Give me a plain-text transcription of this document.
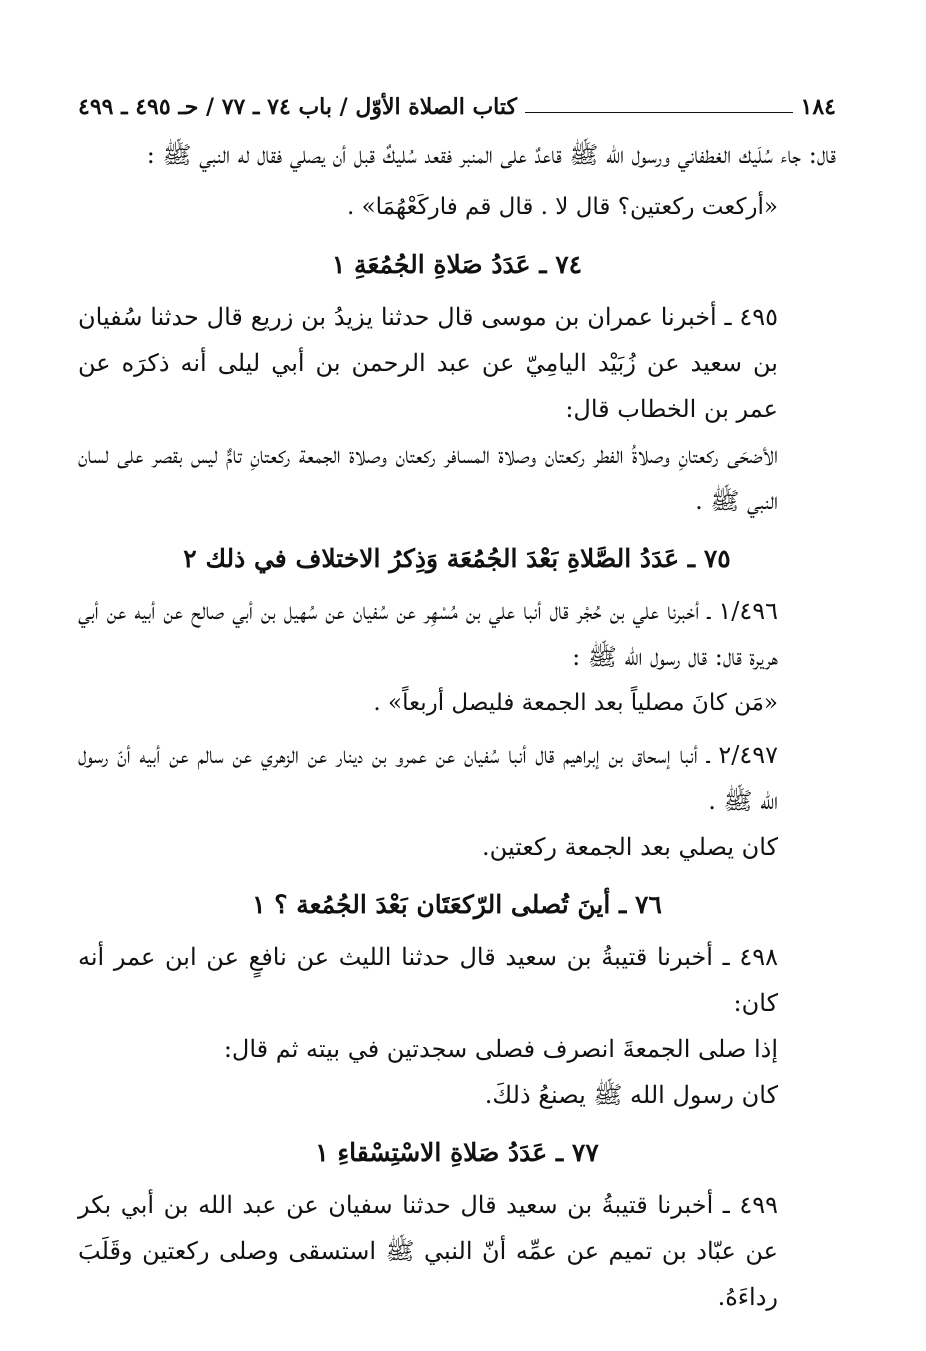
١٨٤
كتاب الصلاة الأوّل / باب ٧٤ ـ ٧٧ / حـ ٤٩٥ ـ ٤٩٩

قال: جاء سُلَيك الغطفاني ورسول الله ﷺ قاعدٌ على المنبر فقعد سُليكٌ قبل أن يصلي فقال له النبي ﷺ :

«أركعت ركعتين؟ قال لا . قال قم فاركَعْهُمَا» .

٧٤ ـ عَدَدُ صَلاةِ الجُمُعَةِ ١

٤٩٥ ـ أخبرنا عمران بن موسى قال حدثنا يزيدُ بن زريع قال حدثنا سُفيان بن سعيد عن زُبَيْد اليامِيّ عن عبد الرحمن بن أبي ليلى أنه ذكرَه عن عمر بن الخطاب قال:

الأضحَى ركعتانِ وصلاةُ الفطر ركعتان وصلاة المسافر ركعتان وصلاة الجمعة ركعتانِ تامٌّ ليس بقصر على لسان النبي ﷺ .

٧٥ ـ عَدَدُ الصَّلاةِ بَعْدَ الجُمُعَة وَذِكرُ الاختلاف في ذلك ٢

١/٤٩٦ ـ أخبرنا علي بن حُجْر قال أنبا علي بن مُسْهِر عن سُفيان عن سُهيل بن أبي صالح عن أبيه عن أبي هريرة قال: قال رسول الله ﷺ :

«مَن كانَ مصلياً بعد الجمعة فليصل أربعاً» .

٢/٤٩٧ ـ أنبا إسحاق بن إبراهيم قال أنبا سُفيان عن عمرو بن دينار عن الزهري عن سالم عن أبيه أنّ رسول الله ﷺ .

كان يصلي بعد الجمعة ركعتين.

٧٦ ـ أينَ تُصلى الرّكعَتَان بَعْدَ الجُمُعة ؟ ١

٤٩٨ ـ أخبرنا قتيبةُ بن سعيد قال حدثنا الليث عن نافعٍ عن ابن عمر أنه كان:

إذا صلى الجمعةَ انصرف فصلى سجدتين في بيته ثم قال:

كان رسول الله ﷺ يصنعُ ذلكَ.

٧٧ ـ عَدَدُ صَلاةِ الاسْتِسْقاءِ ١

٤٩٩ ـ أخبرنا قتيبةُ بن سعيد قال حدثنا سفيان عن عبد الله بن أبي بكر عن عبّاد بن تميم عن عمِّه أنّ النبي ﷺ استسقى وصلى ركعتين وقَلَبَ رداءَهُ.
